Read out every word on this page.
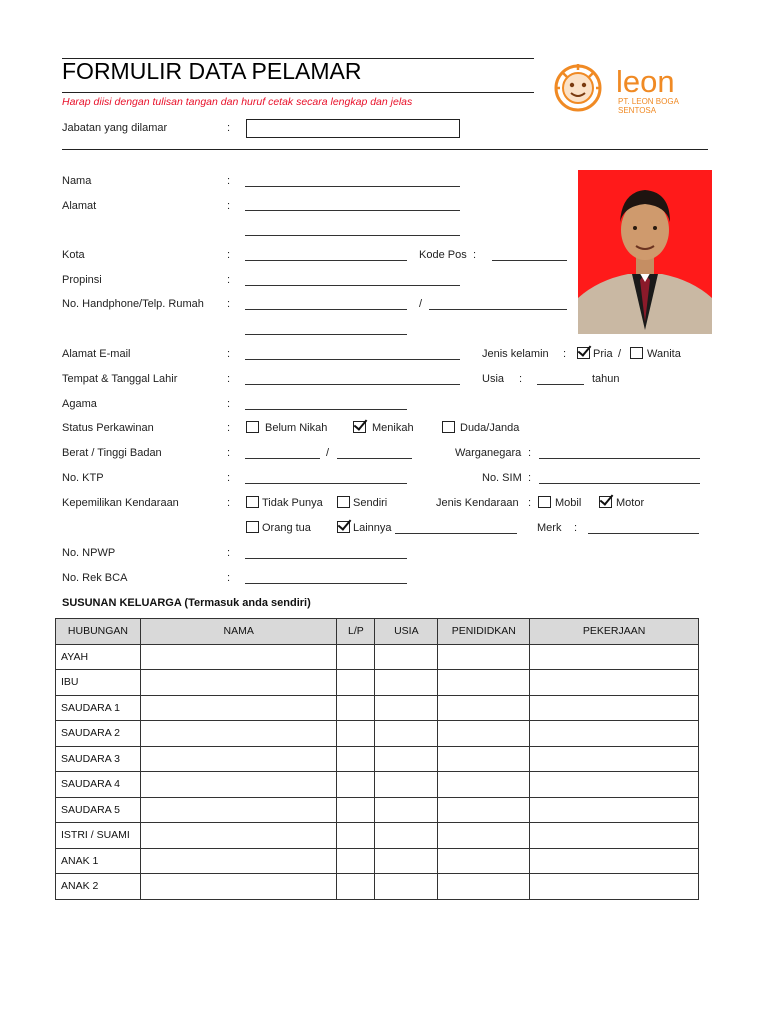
FORMULIR DATA PELAMAR
Harap diisi dengan tulisan tangan dan huruf cetak secara lengkap dan jelas
leon
PT. LEON BOGA
SENTOSA
Jabatan yang dilamar	:
Nama	:
Alamat	:
Kota	:	Kode Pos :
Propinsi	:
No. Handphone/Telp. Rumah :	/
Alamat E-mail	:	Jenis kelamin : Pria / Wanita
Tempat & Tanggal Lahir	:	Usia :	tahun
Agama	:
Status Perkawinan	:	Belum Nikah	Menikah	Duda/Janda
Berat / Tinggi Badan	:	/	Warganegara :
No. KTP	:	No. SIM :
Kepemilikan Kendaraan	:	Tidak Punya	Sendiri	Jenis Kendaraan : Mobil	Motor
Orang tua	Lainnya	Merk :
No. NPWP	:
No. Rek BCA	:
SUSUNAN KELUARGA (Termasuk anda sendiri)
HUBUNGAN	NAMA	L/P	USIA	PENIDIDKAN	PEKERJAAN
AYAH					
IBU					
SAUDARA 1					
SAUDARA 2					
SAUDARA 3					
SAUDARA 4					
SAUDARA 5					
ISTRI / SUAMI					
ANAK 1					
ANAK 2					
